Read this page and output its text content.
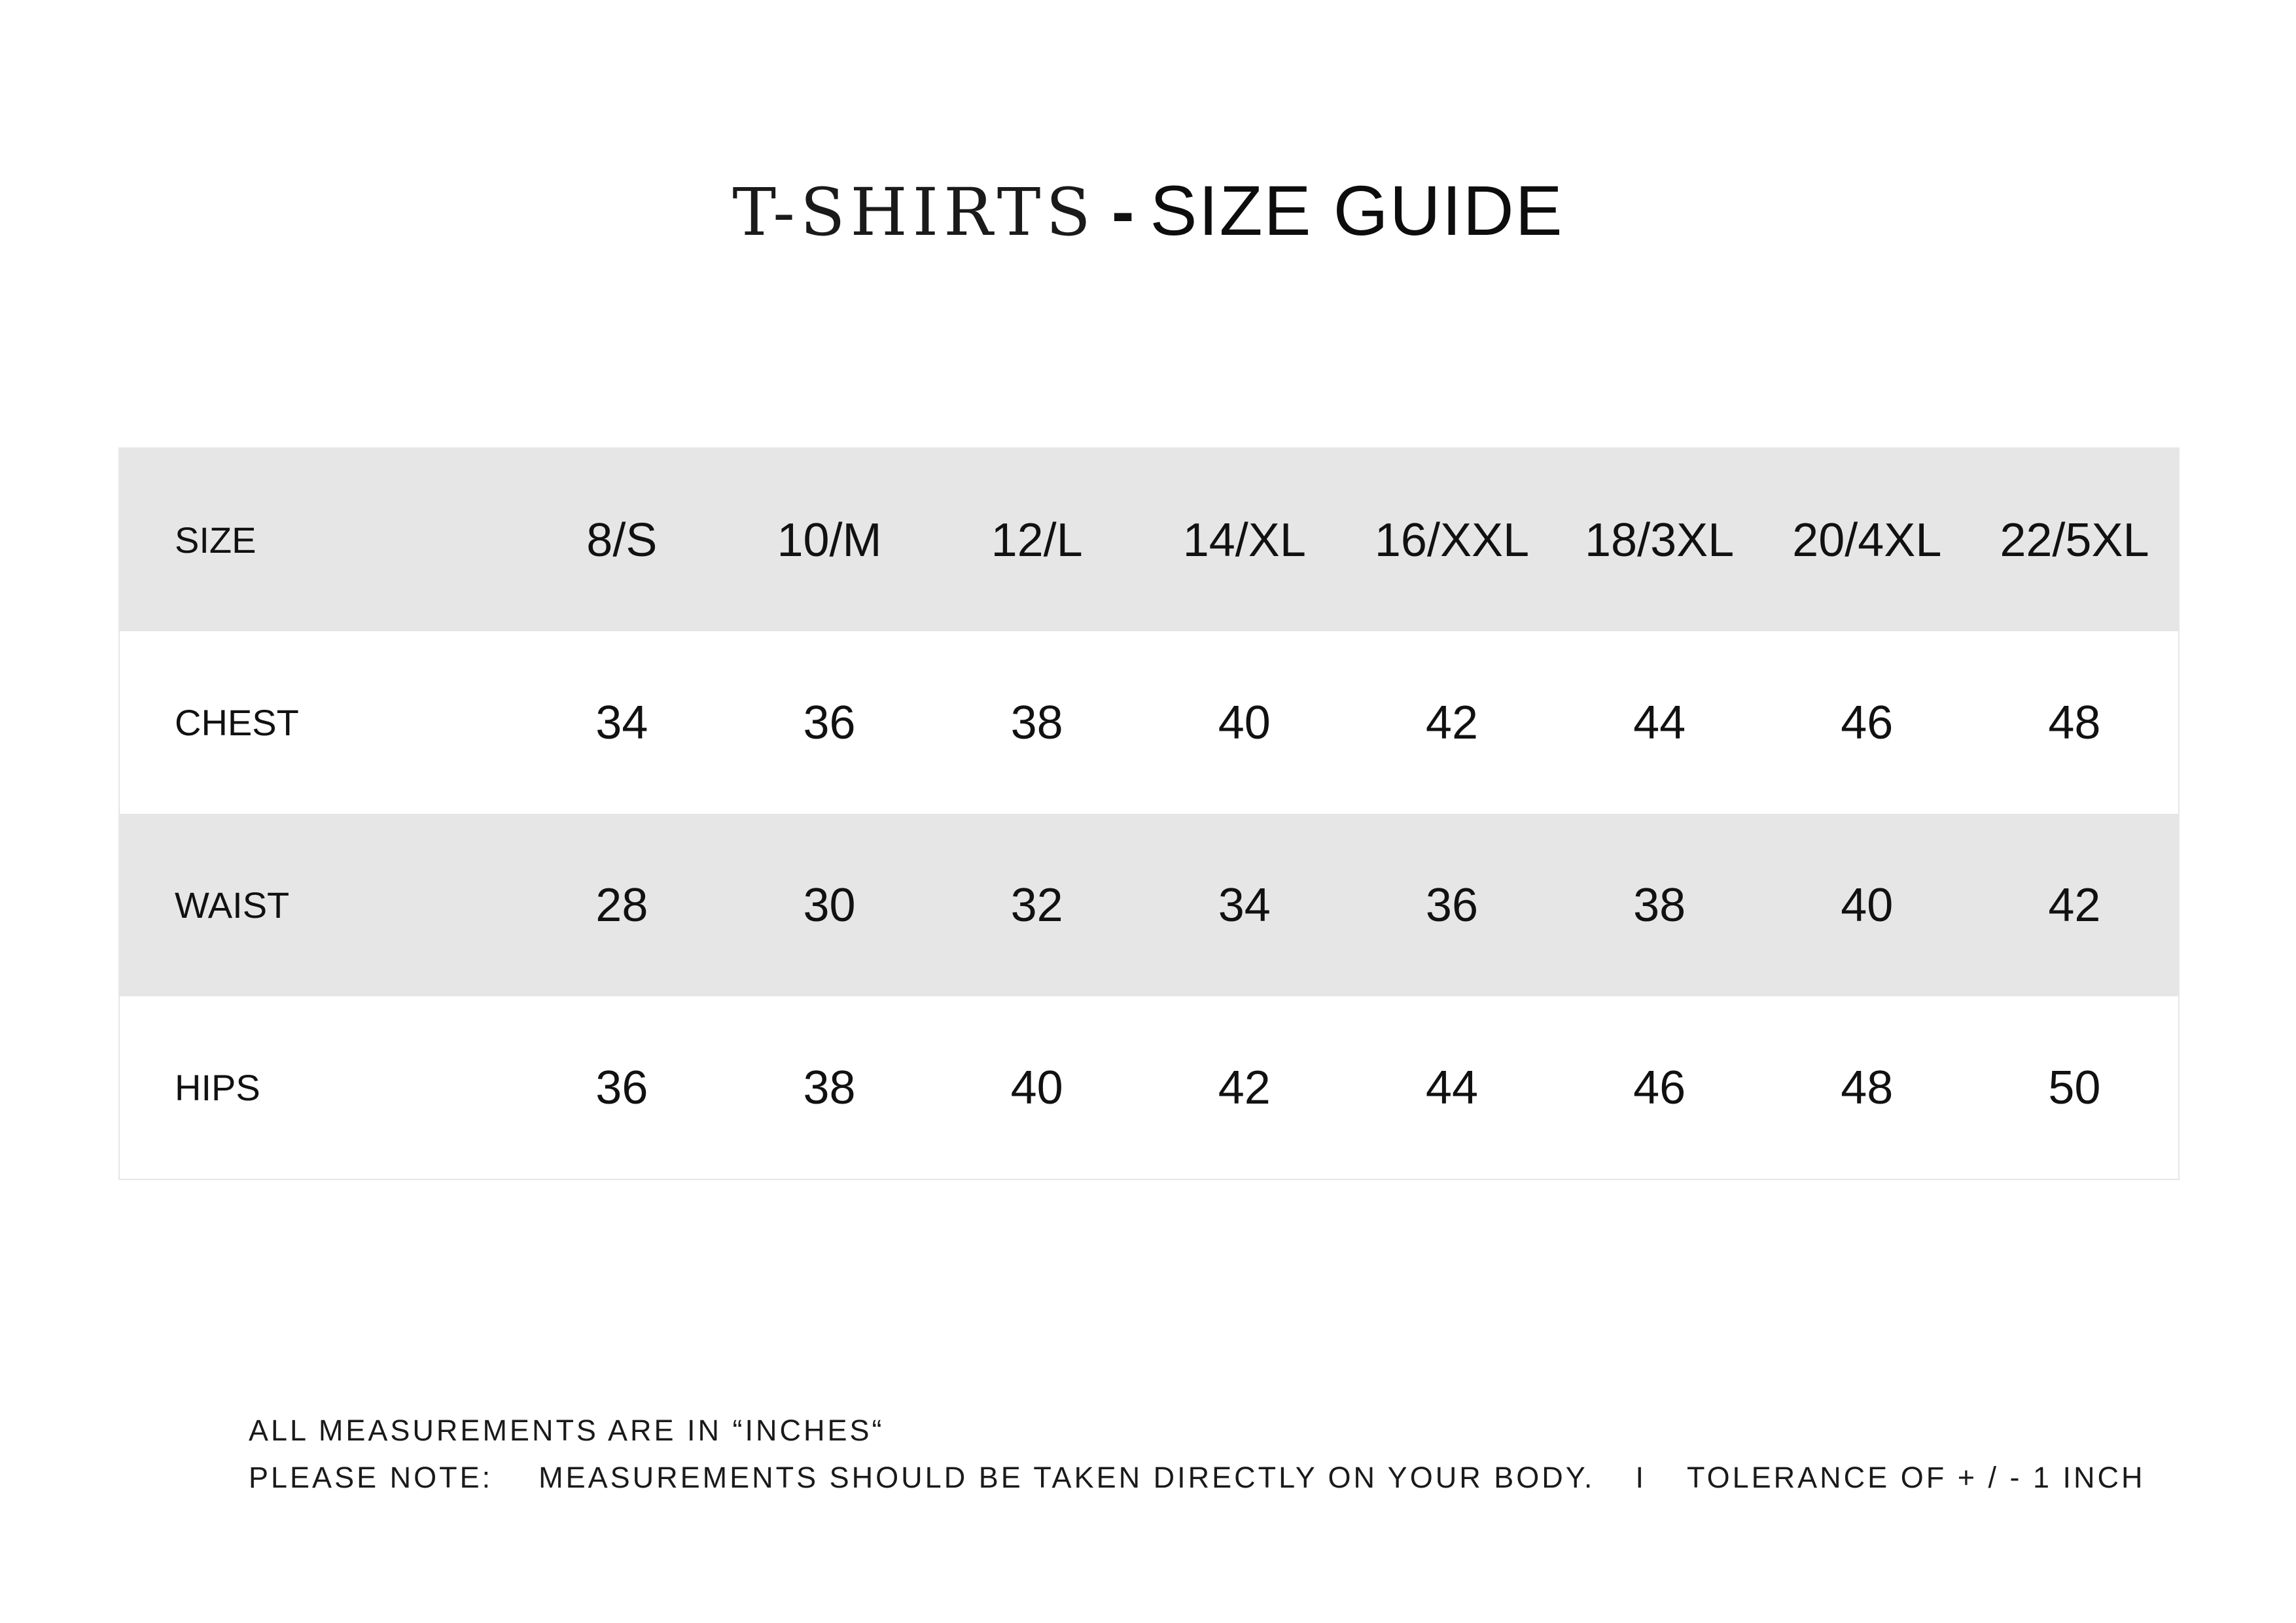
T-SHIRTS - SIZE GUIDE
SIZE	8/S	10/M	12/L	14/XL	16/XXL	18/3XL	20/4XL	22/5XL
CHEST	34	36	38	40	42	44	46	48
WAIST	28	30	32	34	36	38	40	42
HIPS	36	38	40	42	44	46	48	50
ALL MEASUREMENTS ARE IN “INCHES“
PLEASE NOTE: MEASUREMENTS SHOULD BE TAKEN DIRECTLY ON YOUR BODY. I TOLERANCE OF + / - 1 INCH
